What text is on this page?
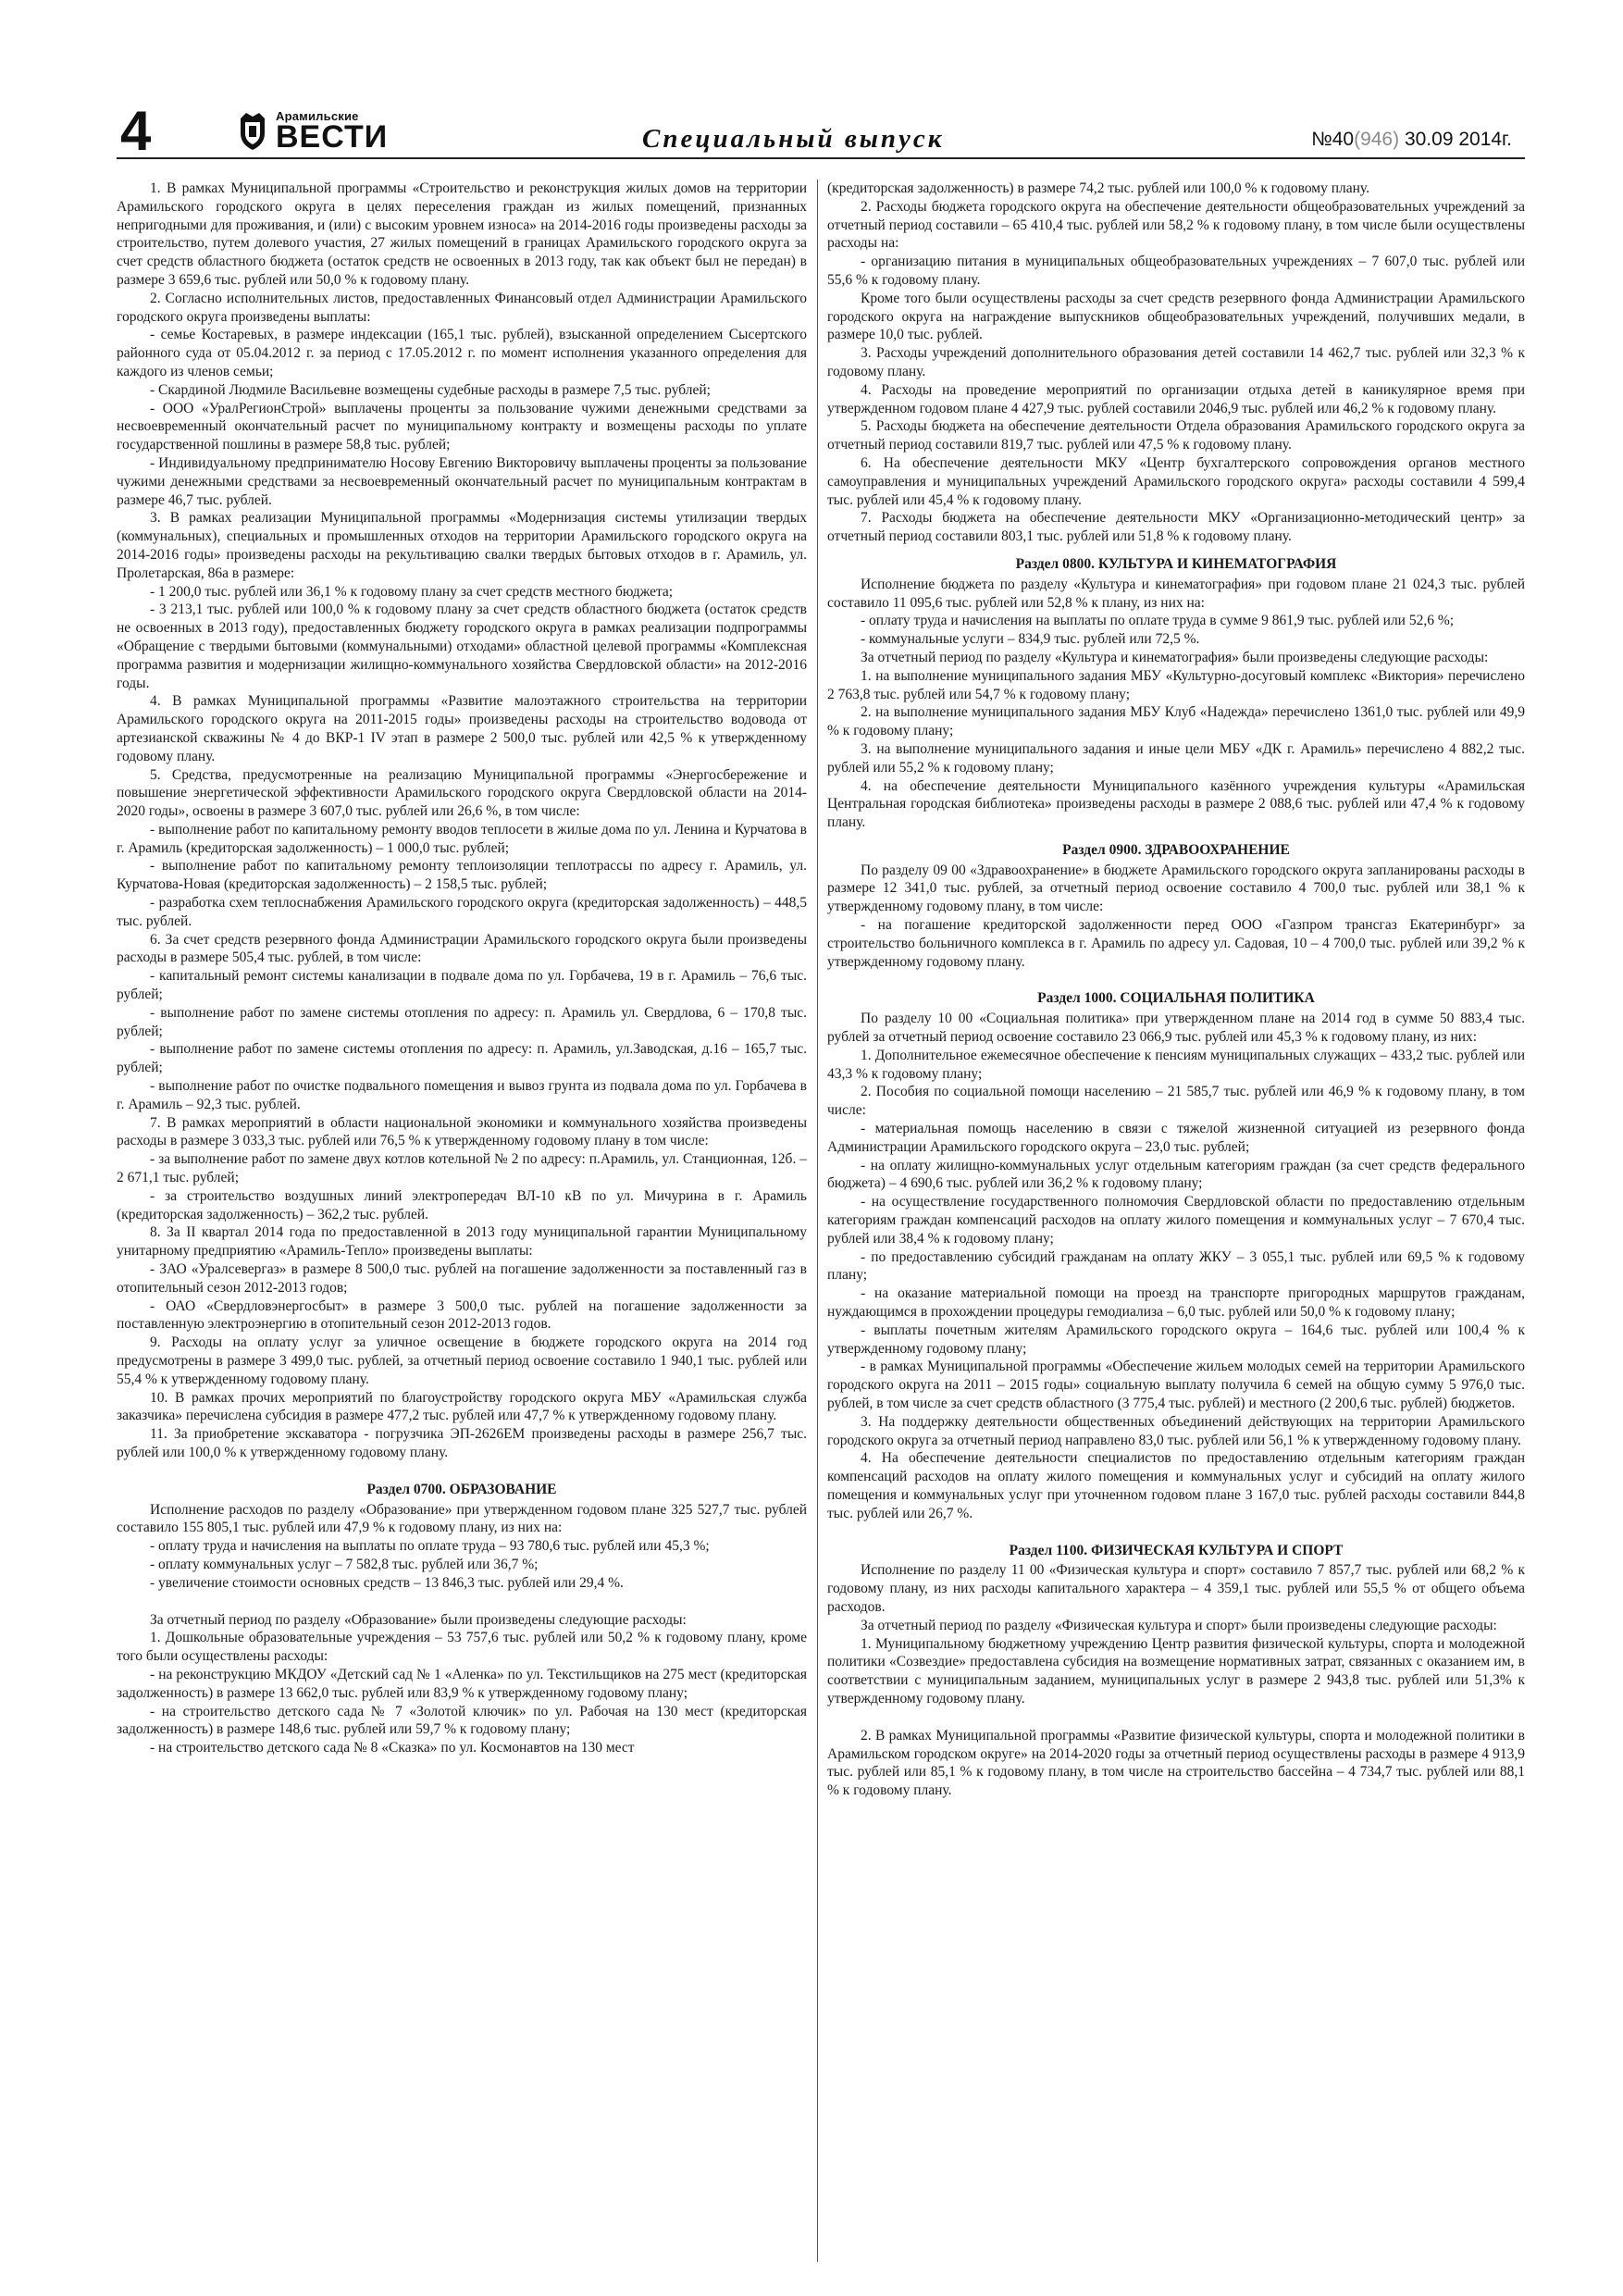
4	Арамильские
ВЕСТИ	Специальный выпуск	№40(946) 30.09 2014г.

1. В рамках Муниципальной программы «Строительство и реконструкция жилых домов на территории Арамильского городского округа в целях переселения граждан из жилых помещений, признанных непригодными для проживания, и (или) с высоким уровнем износа» на 2014-2016 годы произведены расходы за строительство, путем долевого участия, 27 жилых помещений в границах Арамильского городского округа за счет средств областного бюджета (остаток средств не освоенных в 2013 году, так как объект был не передан) в размере 3 659,6 тыс. рублей или 50,0 % к годовому плану.

2. Согласно исполнительных листов, предоставленных Финансовый отдел Администрации Арамильского городского округа произведены выплаты:

- семье Костаревых, в размере индексации (165,1 тыс. рублей), взысканной определением Сысертского районного суда от 05.04.2012 г. за период с 17.05.2012 г. по момент исполнения указанного определения для каждого из членов семьи;

- Скардиной Людмиле Васильевне возмещены судебные расходы в размере 7,5 тыс. рублей;

- ООО «УралРегионСтрой» выплачены проценты за пользование чужими денежными средствами за несвоевременный окончательный расчет по муниципальному контракту и возмещены расходы по уплате государственной пошлины в размере 58,8 тыс. рублей;

- Индивидуальному предпринимателю Носову Евгению Викторовичу выплачены проценты за пользование чужими денежными средствами за несвоевременный окончательный расчет по муниципальным контрактам в размере 46,7 тыс. рублей.

3. В рамках реализации Муниципальной программы «Модернизация системы утилизации твердых (коммунальных), специальных и промышленных отходов на территории Арамильского городского округа на 2014-2016 годы» произведены расходы на рекультивацию свалки твердых бытовых отходов в г. Арамиль, ул. Пролетарская, 86а в размере:

- 1 200,0 тыс. рублей или 36,1 % к годовому плану за счет средств местного бюджета;

- 3 213,1 тыс. рублей или 100,0 % к годовому плану за счет средств областного бюджета (остаток средств не освоенных в 2013 году), предоставленных бюджету городского округа в рамках реализации подпрограммы «Обращение с твердыми бытовыми (коммунальными) отходами» областной целевой программы «Комплексная программа развития и модернизации жилищно-коммунального хозяйства Свердловской области» на 2012-2016 годы.

4. В рамках Муниципальной программы «Развитие малоэтажного строительства на территории Арамильского городского округа на 2011-2015 годы» произведены расходы на строительство водовода от артезианской скважины № 4 до ВКР-1 IV этап в размере 2 500,0 тыс. рублей или 42,5 % к утвержденному годовому плану.

5. Средства, предусмотренные на реализацию Муниципальной программы «Энергосбережение и повышение энергетической эффективности Арамильского городского округа Свердловской области на 2014-2020 годы», освоены в размере 3 607,0 тыс. рублей или 26,6 %, в том числе:

- выполнение работ по капитальному ремонту вводов теплосети в жилые дома по ул. Ленина и Курчатова в г. Арамиль (кредиторская задолженность) – 1 000,0 тыс. рублей;

- выполнение работ по капитальному ремонту теплоизоляции теплотрассы по адресу г. Арамиль, ул. Курчатова-Новая (кредиторская задолженность) – 2 158,5 тыс. рублей;

- разработка схем теплоснабжения Арамильского городского округа (кредиторская задолженность) – 448,5 тыс. рублей.

6. За счет средств резервного фонда Администрации Арамильского городского округа были произведены расходы в размере 505,4 тыс. рублей, в том числе:

- капитальный ремонт системы канализации в подвале дома по ул. Горбачева, 19 в г. Арамиль – 76,6 тыс. рублей;

- выполнение работ по замене системы отопления по адресу: п. Арамиль ул. Свердлова, 6 – 170,8 тыс. рублей;

- выполнение работ по замене системы отопления по адресу: п. Арамиль, ул.Заводская, д.16 – 165,7 тыс. рублей;

- выполнение работ по очистке подвального помещения и вывоз грунта из подвала дома по ул. Горбачева в г. Арамиль – 92,3 тыс. рублей.

7. В рамках мероприятий в области национальной экономики и коммунального хозяйства произведены расходы в размере 3 033,3 тыс. рублей или 76,5 % к утвержденному годовому плану в том числе:

- за выполнение работ по замене двух котлов котельной № 2 по адресу: п.Арамиль, ул. Станционная, 12б. – 2 671,1 тыс. рублей;

- за строительство воздушных линий электропередач ВЛ-10 кВ по ул. Мичурина в г. Арамиль (кредиторская задолженность) – 362,2 тыс. рублей.

8. За II квартал 2014 года по предоставленной в 2013 году муниципальной гарантии Муниципальному унитарному предприятию «Арамиль-Тепло» произведены выплаты:

- ЗАО «Уралсевергаз» в размере 8 500,0 тыс. рублей на погашение задолженности за поставленный газ в отопительный сезон 2012-2013 годов;

- ОАО «Свердловэнергосбыт» в размере 3 500,0 тыс. рублей на погашение задолженности за поставленную электроэнергию в отопительный сезон 2012-2013 годов.

9. Расходы на оплату услуг за уличное освещение в бюджете городского округа на 2014 год предусмотрены в размере 3 499,0 тыс. рублей, за отчетный период освоение составило 1 940,1 тыс. рублей или 55,4 % к утвержденному годовому плану.

10. В рамках прочих мероприятий по благоустройству городского округа МБУ «Арамильская служба заказчика» перечислена субсидия в размере 477,2 тыс. рублей или 47,7 % к утвержденному годовому плану.

11. За приобретение экскаватора - погрузчика ЭП-2626ЕМ произведены расходы в размере 256,7 тыс. рублей или 100,0 % к утвержденному годовому плану.

Раздел 0700. ОБРАЗОВАНИЕ

Исполнение расходов по разделу «Образование» при утвержденном годовом плане 325 527,7 тыс. рублей составило 155 805,1 тыс. рублей или 47,9 % к годовому плану, из них на:

- оплату труда и начисления на выплаты по оплате труда – 93 780,6 тыс. рублей или 45,3 %;

- оплату коммунальных услуг – 7 582,8 тыс. рублей или 36,7 %;

- увеличение стоимости основных средств – 13 846,3 тыс. рублей или 29,4 %.

За отчетный период по разделу «Образование» были произведены следующие расходы:

1. Дошкольные образовательные учреждения – 53 757,6 тыс. рублей или 50,2 % к годовому плану, кроме того были осуществлены расходы:

- на реконструкцию МКДОУ «Детский сад № 1 «Аленка» по ул. Текстильщиков на 275 мест (кредиторская задолженность) в размере 13 662,0 тыс. рублей или 83,9 % к утвержденному годовому плану;

- на строительство детского сада № 7 «Золотой ключик» по ул. Рабочая на 130 мест (кредиторская задолженность) в размере 148,6 тыс. рублей или 59,7 % к годовому плану;

- на строительство детского сада № 8 «Сказка» по ул. Космонавтов на 130 мест

(кредиторская задолженность) в размере 74,2 тыс. рублей или 100,0 % к годовому плану.

2. Расходы бюджета городского округа на обеспечение деятельности общеобразовательных учреждений за отчетный период составили – 65 410,4 тыс. рублей или 58,2 % к годовому плану, в том числе были осуществлены расходы на:

- организацию питания в муниципальных общеобразовательных учреждениях – 7 607,0 тыс. рублей или 55,6 % к годовому плану.

Кроме того были осуществлены расходы за счет средств резервного фонда Администрации Арамильского городского округа на награждение выпускников общеобразовательных учреждений, получивших медали, в размере 10,0 тыс. рублей.

3. Расходы учреждений дополнительного образования детей составили 14 462,7 тыс. рублей или 32,3 % к годовому плану.

4. Расходы на проведение мероприятий по организации отдыха детей в каникулярное время при утвержденном годовом плане 4 427,9 тыс. рублей составили 2046,9 тыс. рублей или 46,2 % к годовому плану.

5. Расходы бюджета на обеспечение деятельности Отдела образования Арамильского городского округа за отчетный период составили 819,7 тыс. рублей или 47,5 % к годовому плану.

6. На обеспечение деятельности МКУ «Центр бухгалтерского сопровождения органов местного самоуправления и муниципальных учреждений Арамильского городского округа» расходы составили 4 599,4 тыс. рублей или 45,4 % к годовому плану.

7. Расходы бюджета на обеспечение деятельности МКУ «Организационно-методический центр» за отчетный период составили 803,1 тыс. рублей или 51,8 % к годовому плану.

Раздел 0800. КУЛЬТУРА И КИНЕМАТОГРАФИЯ

Исполнение бюджета по разделу «Культура и кинематография» при годовом плане 21 024,3 тыс. рублей составило 11 095,6 тыс. рублей или 52,8 % к плану, из них на:

- оплату труда и начисления на выплаты по оплате труда в сумме 9 861,9 тыс. рублей или 52,6 %;

- коммунальные услуги – 834,9 тыс. рублей или 72,5 %.

За отчетный период по разделу «Культура и кинематография» были произведены следующие расходы:

1. на выполнение муниципального задания МБУ «Культурно-досуговый комплекс «Виктория» перечислено 2 763,8 тыс. рублей или 54,7 % к годовому плану;

2. на выполнение муниципального задания МБУ Клуб «Надежда» перечислено 1361,0 тыс. рублей или 49,9 % к годовому плану;

3. на выполнение муниципального задания и иные цели МБУ «ДК г. Арамиль» перечислено 4 882,2 тыс. рублей или 55,2 % к годовому плану;

4. на обеспечение деятельности Муниципального казённого учреждения культуры «Арамильская Центральная городская библиотека» произведены расходы в размере 2 088,6 тыс. рублей или 47,4 % к годовому плану.

Раздел 0900. ЗДРАВООХРАНЕНИЕ

По разделу 09 00 «Здравоохранение» в бюджете Арамильского городского округа запланированы расходы в размере 12 341,0 тыс. рублей, за отчетный период освоение составило 4 700,0 тыс. рублей или 38,1 % к утвержденному годовому плану, в том числе:

- на погашение кредиторской задолженности перед ООО «Газпром трансгаз Екатеринбург» за строительство больничного комплекса в г. Арамиль по адресу ул. Садовая, 10 – 4 700,0 тыс. рублей или 39,2 % к утвержденному годовому плану.

Раздел 1000. СОЦИАЛЬНАЯ ПОЛИТИКА

По разделу 10 00 «Социальная политика» при утвержденном плане на 2014 год в сумме 50 883,4 тыс. рублей за отчетный период освоение составило 23 066,9 тыс. рублей или 45,3 % к годовому плану, из них:

1. Дополнительное ежемесячное обеспечение к пенсиям муниципальных служащих – 433,2 тыс. рублей или 43,3 % к годовому плану;

2. Пособия по социальной помощи населению – 21 585,7 тыс. рублей или 46,9 % к годовому плану, в том числе:

- материальная помощь населению в связи с тяжелой жизненной ситуацией из резервного фонда Администрации Арамильского городского округа – 23,0 тыс. рублей;

- на оплату жилищно-коммунальных услуг отдельным категориям граждан (за счет средств федерального бюджета) – 4 690,6 тыс. рублей или 36,2 % к годовому плану;

- на осуществление государственного полномочия Свердловской области по предоставлению отдельным категориям граждан компенсаций расходов на оплату жилого помещения и коммунальных услуг – 7 670,4 тыс. рублей или 38,4 % к годовому плану;

- по предоставлению субсидий гражданам на оплату ЖКУ – 3 055,1 тыс. рублей или 69,5 % к годовому плану;

- на оказание материальной помощи на проезд на транспорте пригородных маршрутов гражданам, нуждающимся в прохождении процедуры гемодиализа – 6,0 тыс. рублей или 50,0 % к годовому плану;

- выплаты почетным жителям Арамильского городского округа – 164,6 тыс. рублей или 100,4 % к утвержденному годовому плану;

- в рамках Муниципальной программы «Обеспечение жильем молодых семей на территории Арамильского городского округа на 2011 – 2015 годы» социальную выплату получила 6 семей на общую сумму 5 976,0 тыс. рублей, в том числе за счет средств областного (3 775,4 тыс. рублей) и местного (2 200,6 тыс. рублей) бюджетов.

3. На поддержку деятельности общественных объединений действующих на территории Арамильского городского округа за отчетный период направлено 83,0 тыс. рублей или 56,1 % к утвержденному годовому плану.

4. На обеспечение деятельности специалистов по предоставлению отдельным категориям граждан компенсаций расходов на оплату жилого помещения и коммунальных услуг и субсидий на оплату жилого помещения и коммунальных услуг при уточненном годовом плане 3 167,0 тыс. рублей расходы составили 844,8 тыс. рублей или 26,7 %.

Раздел 1100. ФИЗИЧЕСКАЯ КУЛЬТУРА И СПОРТ

Исполнение по разделу 11 00 «Физическая культура и спорт» составило 7 857,7 тыс. рублей или 68,2 % к годовому плану, из них расходы капитального характера – 4 359,1 тыс. рублей или 55,5 % от общего объема расходов.

За отчетный период по разделу «Физическая культура и спорт» были произведены следующие расходы:

1. Муниципальному бюджетному учреждению Центр развития физической культуры, спорта и молодежной политики «Созвездие» предоставлена субсидия на возмещение нормативных затрат, связанных с оказанием им, в соответствии с муниципальным заданием, муниципальных услуг в размере 2 943,8 тыс. рублей или 51,3% к утвержденному годовому плану.

2. В рамках Муниципальной программы «Развитие физической культуры, спорта и молодежной политики в Арамильском городском округе» на 2014-2020 годы за отчетный период осуществлены расходы в размере 4 913,9 тыс. рублей или 85,1 % к годовому плану, в том числе на строительство бассейна – 4 734,7 тыс. рублей или 88,1 % к годовому плану.
